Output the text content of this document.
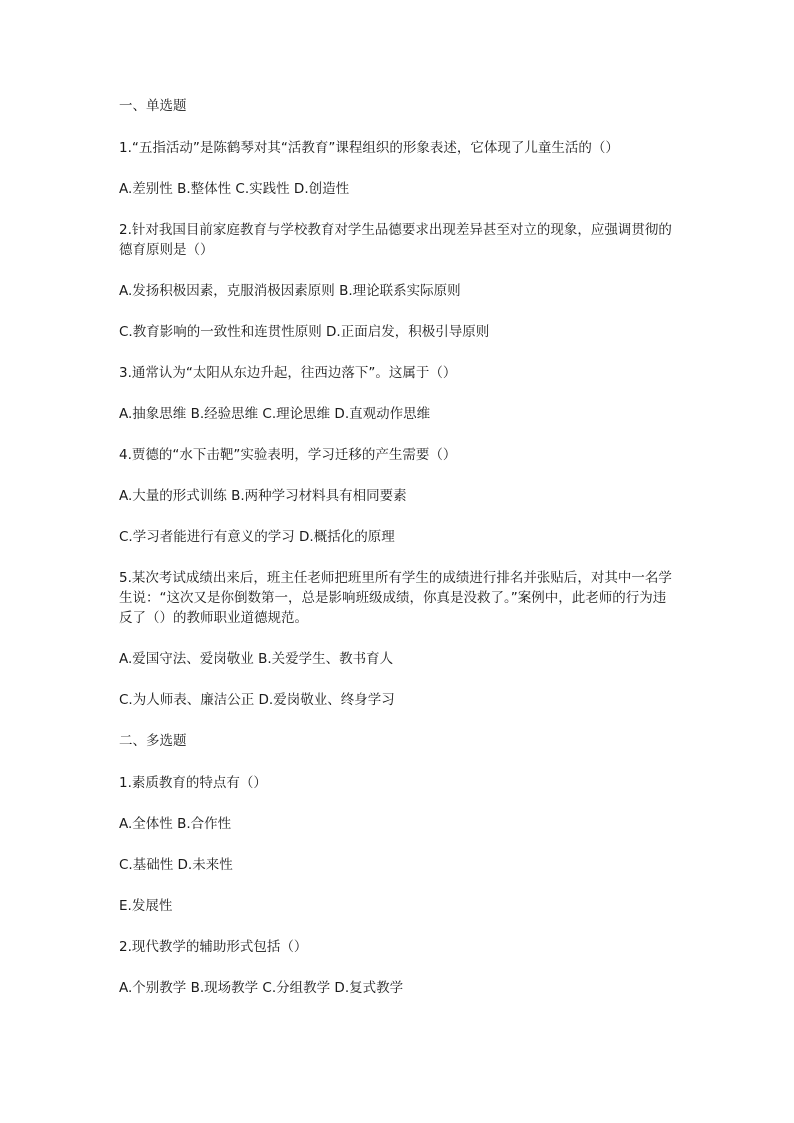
一、单选题
1.“五指活动”是陈鹤琴对其“活教育”课程组织的形象表述，它体现了儿童生活的（）
A.差别性 B.整体性 C.实践性 D.创造性
2.针对我国目前家庭教育与学校教育对学生品德要求出现差异甚至对立的现象，应强调贯彻的德育原则是（）
A.发扬积极因素，克服消极因素原则 B.理论联系实际原则
C.教育影响的一致性和连贯性原则 D.正面启发，积极引导原则
3.通常认为“太阳从东边升起，往西边落下”。这属于（）
A.抽象思维 B.经验思维 C.理论思维 D.直观动作思维
4.贾德的“水下击靶”实验表明，学习迁移的产生需要（）
A.大量的形式训练 B.两种学习材料具有相同要素
C.学习者能进行有意义的学习 D.概括化的原理
5.某次考试成绩出来后，班主任老师把班里所有学生的成绩进行排名并张贴后，对其中一名学生说：“这次又是你倒数第一，总是影响班级成绩，你真是没救了。”案例中，此老师的行为违反了（）的教师职业道德规范。
A.爱国守法、爱岗敬业 B.关爱学生、教书育人
C.为人师表、廉洁公正 D.爱岗敬业、终身学习
二、多选题
1.素质教育的特点有（）
A.全体性 B.合作性
C.基础性 D.未来性
E.发展性
2.现代教学的辅助形式包括（）
A.个别教学 B.现场教学 C.分组教学 D.复式教学
